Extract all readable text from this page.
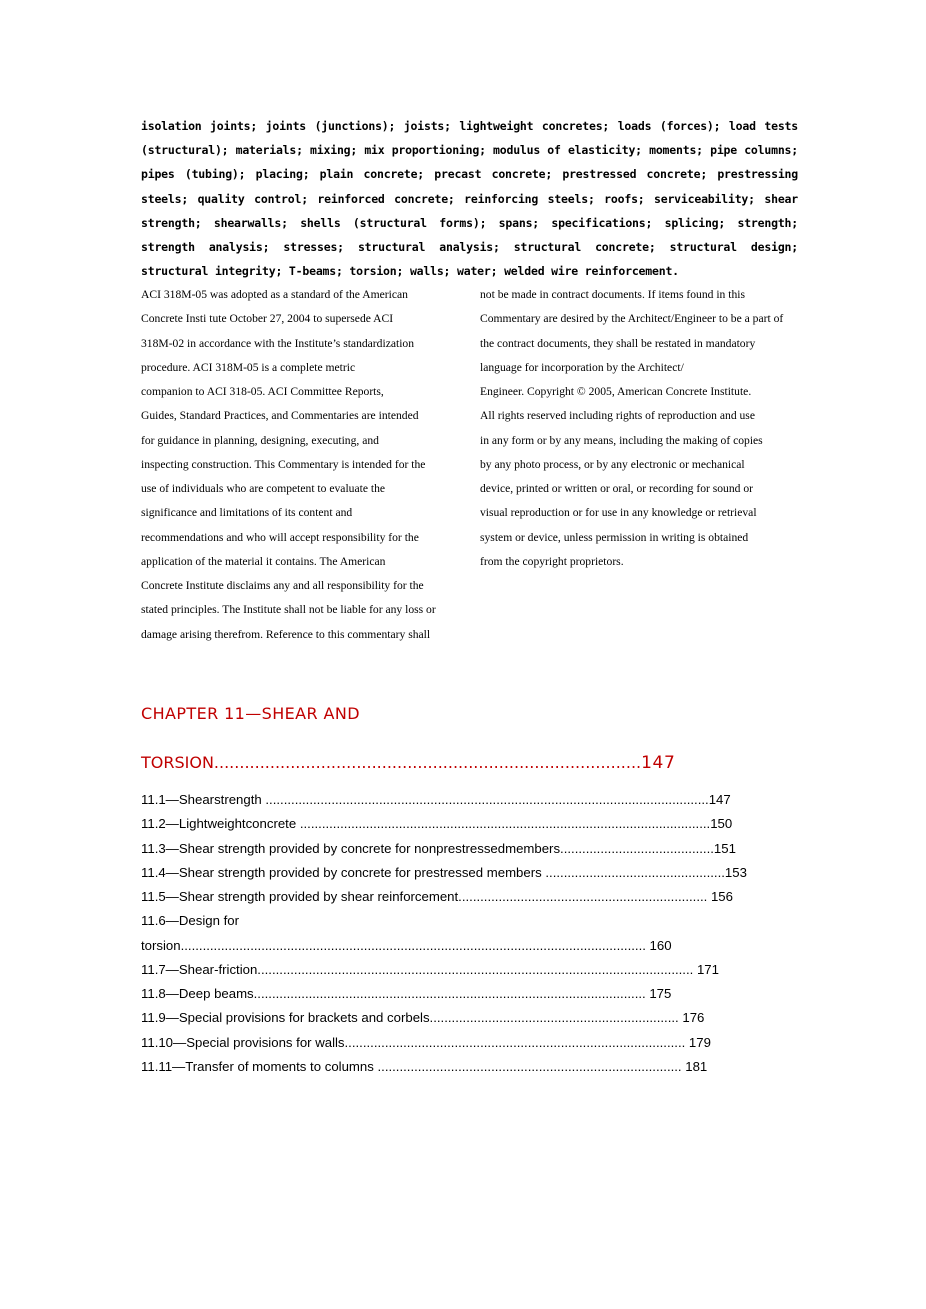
isolation joints; joints (junctions); joists; lightweight concretes; loads (forces); load tests (structural); materials; mixing; mix proportioning; modulus of elasticity; moments; pipe columns; pipes (tubing); placing; plain concrete; precast concrete; prestressed concrete; prestressing steels; quality control; reinforced concrete; reinforcing steels; roofs; serviceability; shear strength; shearwalls; shells (structural forms); spans; specifications; splicing; strength; strength analysis; stresses; structural analysis; structural concrete; structural design; structural integrity; T-beams; torsion; walls; water; welded wire reinforcement.

ACI 318M-05 was adopted as a standard of the American
Concrete Insti tute October 27, 2004 to supersede ACI
318M-02 in accordance with the Institute’s standardization
procedure. ACI 318M-05 is a complete metric
companion to ACI 318-05. ACI Committee Reports,
Guides, Standard Practices, and Commentaries are intended
for guidance in planning, designing, executing, and
inspecting construction. This Commentary is intended for the
use of individuals who are competent to evaluate the
significance and limitations of its content and
recommendations and who will accept responsibility for the
application of the material it contains. The American
Concrete Institute disclaims any and all responsibility for the
stated principles. The Institute shall not be liable for any loss or
damage arising therefrom. Reference to this commentary shall
not be made in contract documents. If items found in this
Commentary are desired by the Architect/Engineer to be a part of
the contract documents, they shall be restated in mandatory
language for incorporation by the Architect/
Engineer. Copyright © 2005, American Concrete Institute.
All rights reserved including rights of reproduction and use
in any form or by any means, including the making of copies
by any photo process, or by any electronic or mechanical
device, printed or written or oral, or recording for sound or
visual reproduction or for use in any knowledge or retrieval
system or device, unless permission in writing is obtained
from the copyright proprietors.
CHAPTER 11—SHEAR AND
TORSION....................................................................................147
11.1—Shearstrength .........................................................................................................................147
11.2—Lightweightconcrete ................................................................................................................150
11.3—Shear strength provided by concrete for nonprestressedmembers..........................................151
11.4—Shear strength provided by concrete for prestressed members .................................................153
11.5—Shear strength provided by shear reinforcement.................................................................... 156
11.6—Design for
torsion............................................................................................................................... 160
11.7—Shear-friction....................................................................................................................... 171
11.8—Deep beams........................................................................................................... 175
11.9—Special provisions for brackets and corbels.................................................................... 176
11.10—Special provisions for walls............................................................................................. 179
11.11—Transfer of moments to columns ................................................................................... 181
